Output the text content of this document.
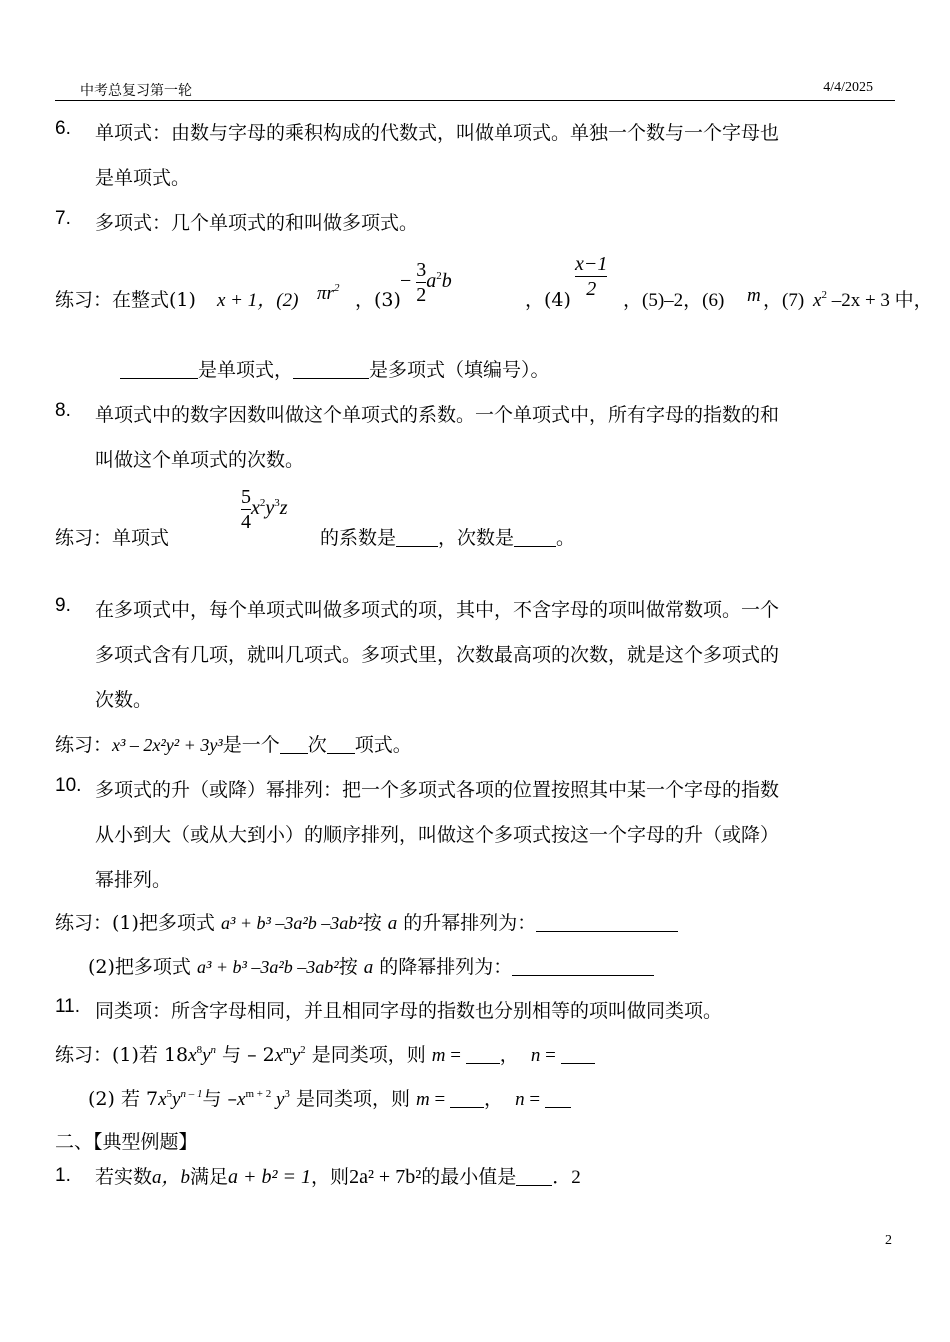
中考总复习第一轮	4/4/2025
6. 单项式：由数与字母的乘积构成的代数式，叫做单项式。单独一个数与一个字母也
是单项式。
7. 多项式：几个单项式的和叫做多项式。
练习：在整式(1) x + 1，(2) $\pi r^2$
，(3)
− $\frac{3}{2} a^2b$
，(4)
x−1
2
，(5)–2，(6) m ，(7) $x^2$ –2x + 3 中，
是单项式，	是多项式（填编号）。
8. 单项式中的数字因数叫做这个单项式的系数。一个单项式中，所有字母的指数的和
叫做这个单项式的次数。
练习：单项式
$\frac{5}{4} x^2y^3z$
的系数是 ，次数是 。
9. 在多项式中，每个单项式叫做多项式的项，其中，不含字母的项叫做常数项。一个
多项式含有几项，就叫几项式。多项式里，次数最高项的次数，就是这个多项式的
次数。
练习：x³ – 2x²y² + 3y³是一个 次 项式。
10. 多项式的升（或降）幂排列：把一个多项式各项的位置按照其中某一个字母的指数
从小到大（或从大到小）的顺序排列，叫做这个多项式按这一个字母的升（或降）
幂排列。
练习：(1)把多项式 a³ + b³ –3a²b –3ab²按 a 的升幂排列为：
(2)把多项式 a³ + b³ –3a²b –3ab²按 a 的降幂排列为：
11. 同类项：所含字母相同，并且相同字母的指数也分别相等的项叫做同类项。
练习：(1)若 $18x^8y^n$ 与 – $2x^my^2$ 是同类项，则 m = ， n =
(2) 若 $7x^5y^{n - 1}$与 $-x^{m + 2}$ $y^3$ 是同类项，则 m = ， n =
二、【典型例题】
1. 若实数a，b满足a + b² = 1，则2a² + 7b²的最小值是 ．2
2
